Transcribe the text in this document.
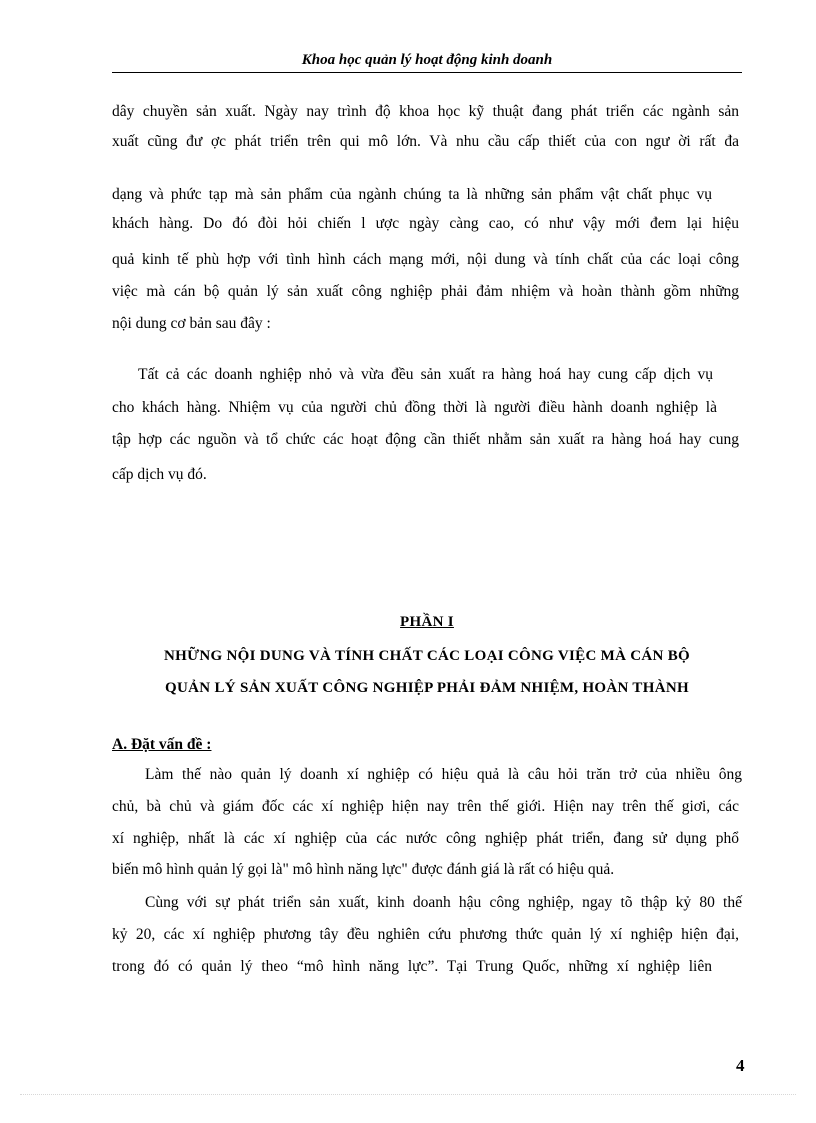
Khoa học quản lý hoạt động kinh doanh
dây chuyền sản xuất. Ngày nay trình độ khoa học kỹ thuật đang phát triển các ngành sản
xuất cũng đư ợc phát triển trên qui mô lớn. Và nhu cầu cấp thiết của con ngư ời rất đa
dạng và phức tạp mà sản phẩm của ngành chúng ta là những sản phẩm vật chất phục vụ
khách hàng. Do đó đòi hỏi chiến l ược ngày càng cao, có như vậy mới đem lại hiệu
quả kinh tế phù hợp với tình hình cách mạng mới, nội dung và tính chất của các loại công
việc mà cán bộ quản lý sản xuất công nghiệp phải đảm nhiệm và hoàn thành gồm những
nội dung cơ bản sau đây :
Tất cả các doanh nghiệp nhỏ và vừa đều sản xuất ra hàng hoá hay cung cấp dịch vụ
cho khách hàng. Nhiệm vụ của người chủ đồng thời là người điều hành doanh nghiệp là
tập hợp các nguồn và tổ chức các hoạt động cần thiết nhằm sản xuất ra hàng hoá hay cung
cấp dịch vụ đó.
PHẦN I
NHỮNG NỘI DUNG VÀ TÍNH CHẤT CÁC LOẠI CÔNG VIỆC MÀ CÁN BỘ
QUẢN LÝ SẢN XUẤT CÔNG NGHIỆP PHẢI ĐẢM NHIỆM, HOÀN THÀNH
A. Đặt vấn đề :
Làm thế nào quản lý doanh xí nghiệp có hiệu quả là câu hỏi trăn trở của nhiều ông
chủ, bà chủ và giám đốc các xí nghiệp hiện nay trên thế giới. Hiện nay trên thế giơi, các
xí nghiệp, nhất là các xí nghiệp của các nước công nghiệp phát triển, đang sử dụng phổ
biến mô hình quản lý gọi là" mô hình năng lực" được đánh giá là rất có hiệu quả.
Cùng với sự phát triển sản xuất, kinh doanh hậu công nghiệp, ngay tõ thập kỷ 80 thế
kỷ 20, các xí nghiệp phương tây đều nghiên cứu phương thức quản lý xí nghiệp hiện đại,
trong đó có quản lý theo “mô hình năng lực”. Tại Trung Quốc, những xí nghiệp liên
4
